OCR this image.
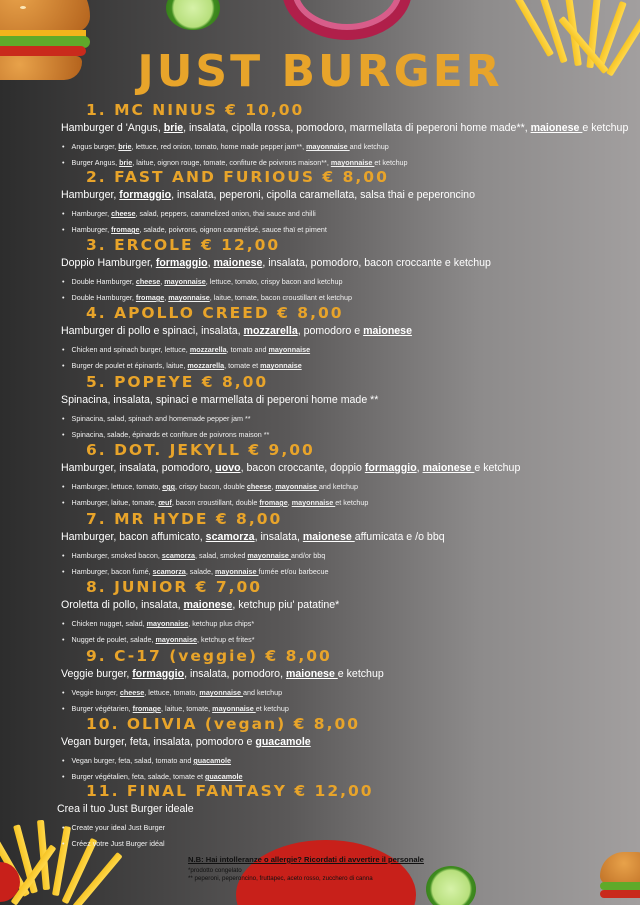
JUST BURGER
1. MC NINUS € 10,00
Hamburger d 'Angus, brie, insalata, cipolla rossa, pomodoro, marmellata di peperoni home made**, maionese e ketchup
• Angus burger, brie, lettuce, red onion, tomato, home made pepper jam**, mayonnaise and ketchup
• Burger Angus, brie, laitue, oignon rouge, tomate, confiture de poivrons maison**, mayonnaise et ketchup
2. FAST AND FURIOUS € 8,00
Hamburger, formaggio, insalata, peperoni, cipolla caramellata, salsa thai e peperoncino
• Hamburger, cheese, salad, peppers, caramelized onion, thai sauce and chilli
• Hamburger, fromage, salade, poivrons, oignon caramélisé, sauce thaï et piment
3. ERCOLE € 12,00
Doppio Hamburger, formaggio, maionese, insalata, pomodoro, bacon croccante e ketchup
• Double Hamburger, cheese, mayonnaise, lettuce, tomato, crispy bacon and ketchup
• Double Hamburger, fromage, mayonnaise, laitue, tomate, bacon croustillant et ketchup
4. APOLLO CREED € 8,00
Hamburger di pollo e spinaci, insalata, mozzarella, pomodoro e maionese
• Chicken and spinach burger, lettuce, mozzarella, tomato and mayonnaise
• Burger de poulet et épinards, laitue, mozzarella, tomate et mayonnaise
5. POPEYE € 8,00
Spinacina, insalata, spinaci e marmellata di peperoni home made **
• Spinacina, salad, spinach and homemade pepper jam **
• Spinacina, salade, épinards et confiture de poivrons maison **
6. DOT. JEKYLL € 9,00
Hamburger, insalata, pomodoro, uovo, bacon croccante, doppio formaggio, maionese e ketchup
• Hamburger, lettuce, tomato, egg, crispy bacon, double cheese, mayonnaise and ketchup
• Hamburger, laitue, tomate, œuf, bacon croustillant, double fromage, mayonnaise et ketchup
7. MR HYDE € 8,00
Hamburger, bacon affumicato, scamorza, insalata, maionese affumicata e /o bbq
• Hamburger, smoked bacon, scamorza, salad, smoked mayonnaise and/or bbq
• Hamburger, bacon fumé, scamorza, salade, mayonnaise fumée et/ou barbecue
8. JUNIOR € 7,00
Oroletta di pollo, insalata, maionese, ketchup piu' patatine*
• Chicken nugget, salad, mayonnaise, ketchup plus chips*
• Nugget de poulet, salade, mayonnaise, ketchup et frites*
9. C-17 (veggie) € 8,00
Veggie burger, formaggio, insalata, pomodoro, maionese e ketchup
• Veggie burger, cheese, lettuce, tomato, mayonnaise and ketchup
• Burger végétarien, fromage, laitue, tomate, mayonnaise et ketchup
10. OLIVIA (vegan) € 8,00
Vegan burger, feta, insalata, pomodoro e guacamole
• Vegan burger, feta, salad, tomato and guacamole
• Burger végétalien, feta, salade, tomate et guacamole
11. FINAL FANTASY € 12,00
Crea il tuo Just Burger ideale
• Create your ideal Just Burger
• Créez votre Just Burger idéal
N.B: Hai intolleranze o allergie? Ricordati di avvertire il personale
*prodotto congelato
** peperoni, peperoncino, fruttapec, aceto rosso, zucchero di canna
